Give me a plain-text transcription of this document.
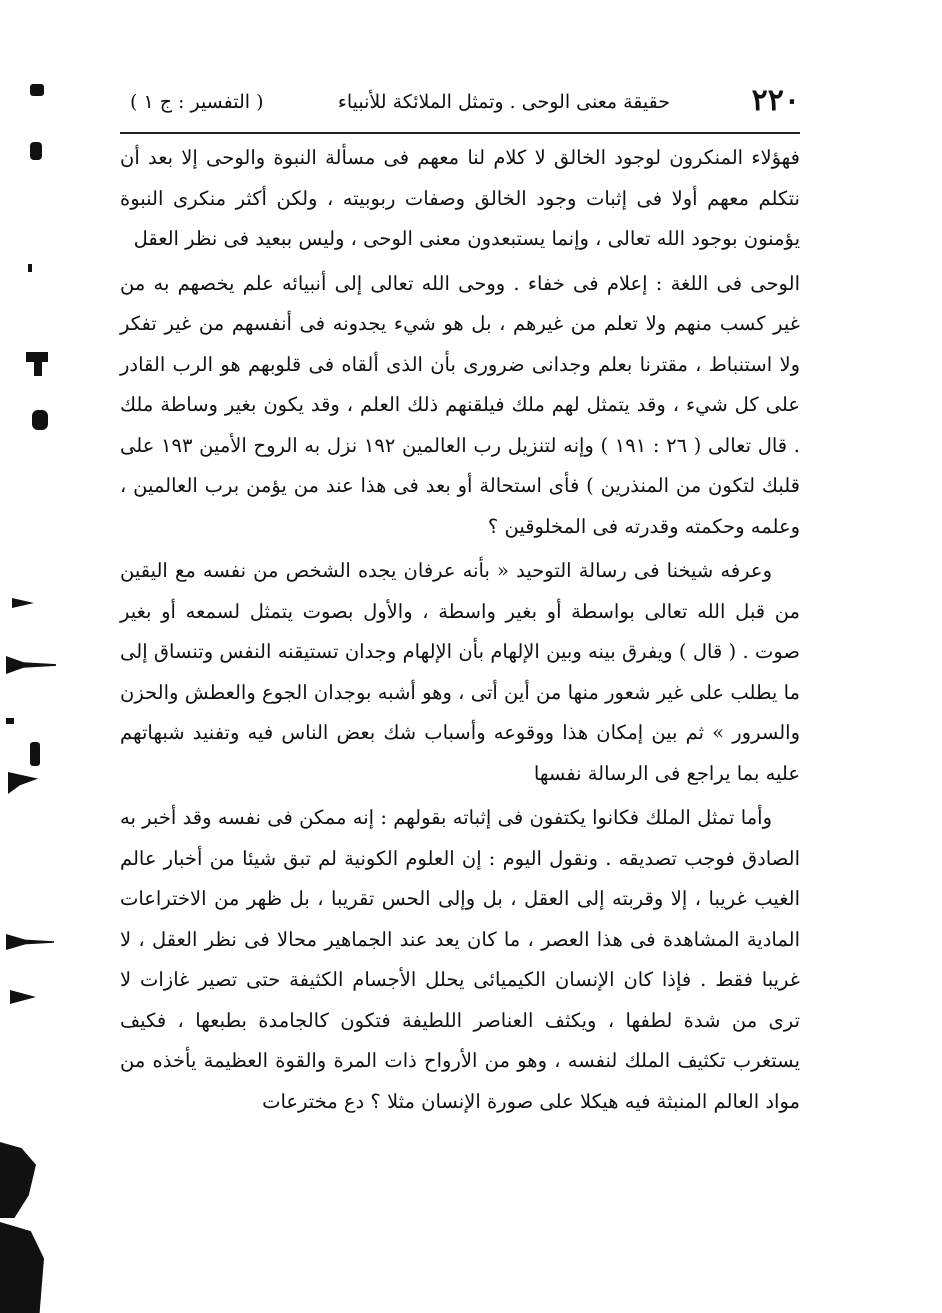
٢٢٠
حقيقة معنى الوحى . وتمثل الملائكة للأنبياء
( التفسير : ج ١ )

فهؤلاء المنكرون لوجود الخالق لا كلام لنا معهم فى مسألة النبوة والوحى إلا بعد أن نتكلم معهم أولا فى إثبات وجود الخالق وصفات ربوبيته ، ولكن أكثر منكرى النبوة يؤمنون بوجود الله تعالى ، وإنما يستبعدون معنى الوحى ، وليس ببعيد فى نظر العقل

الوحى فى اللغة : إعلام فى خفاء . ووحى الله تعالى إلى أنبيائه علم يخصهم به من غير كسب منهم ولا تعلم من غيرهم ، بل هو شيء يجدونه فى أنفسهم من غير تفكر ولا استنباط ، مقترنا بعلم وجدانى ضرورى بأن الذى ألقاه فى قلوبهم هو الرب القادر على كل شيء ، وقد يتمثل لهم ملك فيلقنهم ذلك العلم ، وقد يكون بغير وساطة ملك . قال تعالى ( ٢٦ : ١٩١ ) وإنه لتنزيل رب العالمين ١٩٢ نزل به الروح الأمين ١٩٣ على قلبك لتكون من المنذرين ) فأى استحالة أو بعد فى هذا عند من يؤمن برب العالمين ، وعلمه وحكمته وقدرته فى المخلوقين ؟

وعرفه شيخنا فى رسالة التوحيد « بأنه عرفان يجده الشخص من نفسه مع اليقين من قبل الله تعالى بواسطة أو بغير واسطة ، والأول بصوت يتمثل لسمعه أو بغير صوت . ( قال ) ويفرق بينه وبين الإلهام بأن الإلهام وجدان تستيقنه النفس وتنساق إلى ما يطلب على غير شعور منها من أين أتى ، وهو أشبه بوجدان الجوع والعطش والحزن والسرور » ثم بين إمكان هذا ووقوعه وأسباب شك بعض الناس فيه وتفنيد شبهاتهم عليه بما يراجع فى الرسالة نفسها

وأما تمثل الملك فكانوا يكتفون فى إثباته بقولهم : إنه ممكن فى نفسه وقد أخبر به الصادق فوجب تصديقه . ونقول اليوم : إن العلوم الكونية لم تبق شيئا من أخبار عالم الغيب غريبا ، إلا وقربته إلى العقل ، بل وإلى الحس تقريبا ، بل ظهر من الاختراعات المادية المشاهدة فى هذا العصر ، ما كان يعد عند الجماهير محالا فى نظر العقل ، لا غريبا فقط . فإذا كان الإنسان الكيميائى يحلل الأجسام الكثيفة حتى تصير غازات لا ترى من شدة لطفها ، ويكثف العناصر اللطيفة فتكون كالجامدة بطبعها ، فكيف يستغرب تكثيف الملك لنفسه ، وهو من الأرواح ذات المرة والقوة العظيمة يأخذه من مواد العالم المنبثة فيه هيكلا على صورة الإنسان مثلا ؟ دع مخترعات
